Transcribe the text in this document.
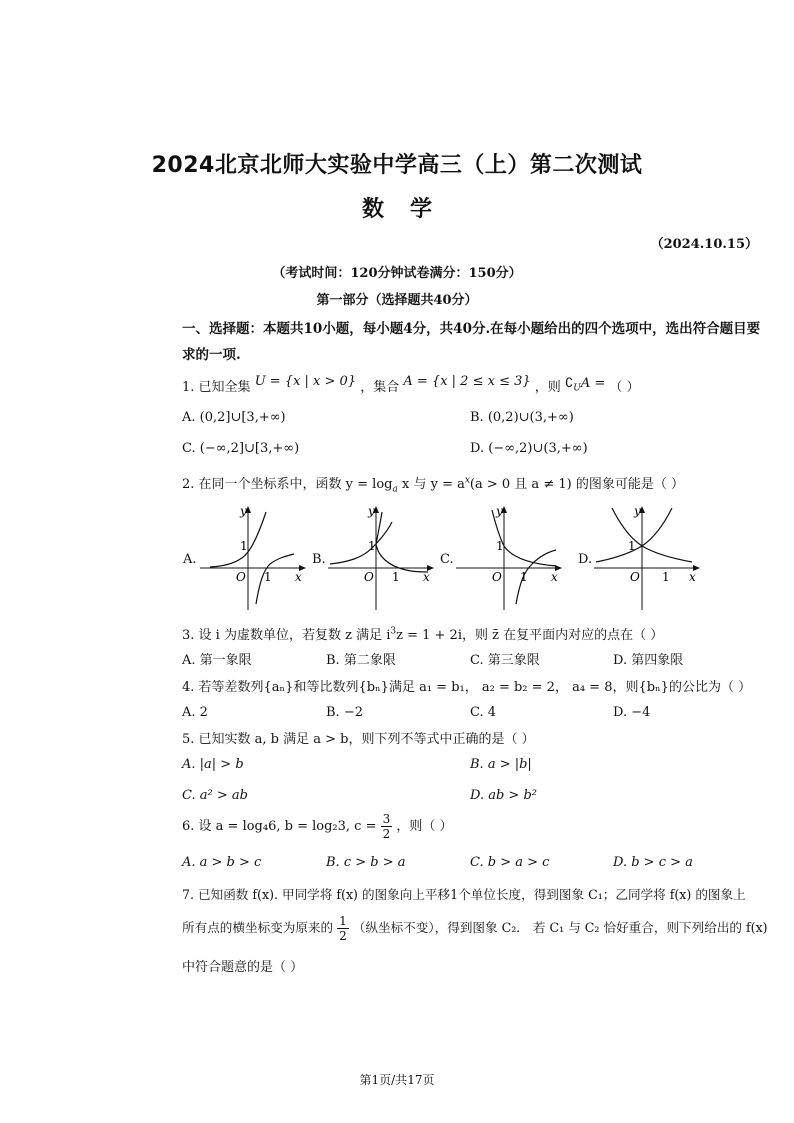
2024北京北师大实验中学高三（上）第二次测试
数学
（2024.10.15）
（考试时间：120分钟试卷满分：150分）
第一部分（选择题共40分）
一、选择题：本题共10小题，每小题4分，共40分.在每小题给出的四个选项中，选出符合题目要求的一项.
1. 已知全集 U = {x | x > 0} ，集合 A = {x | 2 ≤ x ≤ 3} ，则 $∁_UA$ = （ ）
A. (0,2]∪[3,+∞)	B. (0,2)∪(3,+∞)
C. (−∞,2]∪[3,+∞)	D. (−∞,2)∪(3,+∞)
2. 在同一个坐标系中，函数 $y = \log_a x$ 与 $y = a^x(a > 0$ 且 a ≠ 1) 的图象可能是（ ）
A.	B.	C.	D.
y
x
O
1
1
y
x
O
1
1
y
x
O
1
1
y
x
O
1
1
3. 设 i 为虚数单位，若复数 z 满足 $i^3z = 1 + 2i$，则 z̄ 在复平面内对应的点在（ ）
A. 第一象限	B. 第二象限	C. 第三象限	D. 第四象限
4. 若等差数列{aₙ}和等比数列{bₙ}满足 a₁ = b₁， a₂ = b₂ = 2， a₄ = 8，则{bₙ}的公比为（ ）
A. 2	B. −2	C. 4	D. −4
5. 已知实数 a, b 满足 a > b，则下列不等式中正确的是（ ）
A. |a| > b	B. a > |b|
C. a² > ab	D. ab > b²
6. 设 a = log₄6, b = log₂3, $c = \frac{3}{2}$ ，则（ ）
A. a > b > c	B. c > b > a	C. b > a > c	D. b > c > a
7. 已知函数 f(x). 甲同学将 f(x) 的图象向上平移1个单位长度，得到图象 C₁；乙同学将 f(x) 的图象上
所有点的横坐标变为原来的 $\frac{1}{2}$ （纵坐标不变），得到图象 C₂． 若 C₁ 与 C₂ 恰好重合，则下列给出的 f(x)
中符合题意的是（ ）
第1页/共17页
